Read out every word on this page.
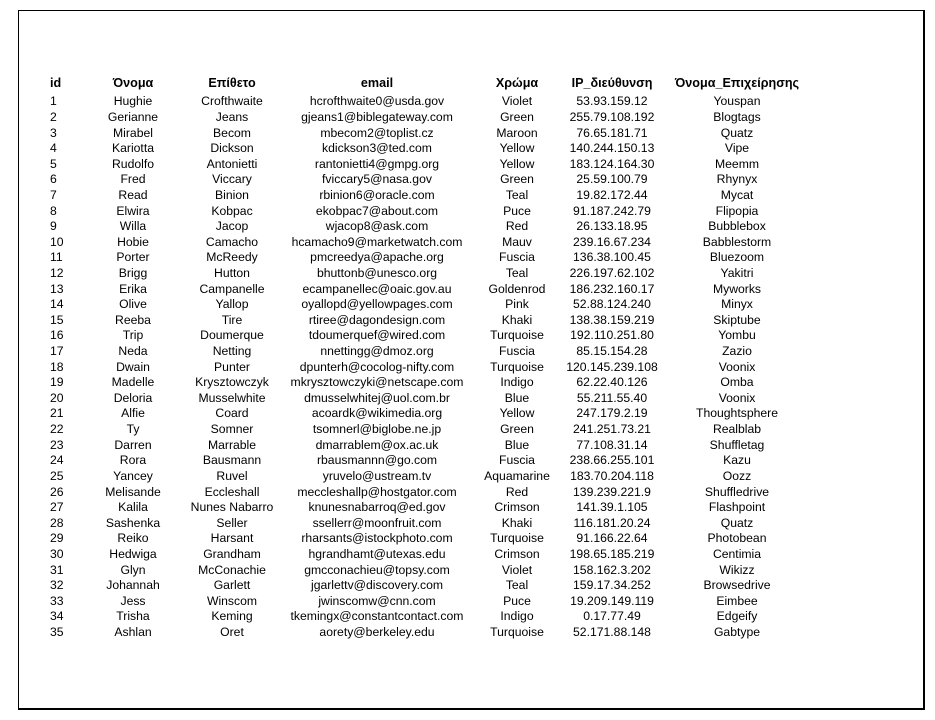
id	Όνομα	Επίθετο	email	Χρώμα	IP_διεύθυνση	Όνομα_Επιχείρησης
1	Hughie	Crofthwaite	hcrofthwaite0@usda.gov	Violet	53.93.159.12	Youspan
2	Gerianne	Jeans	gjeans1@biblegateway.com	Green	255.79.108.192	Blogtags
3	Mirabel	Becom	mbecom2@toplist.cz	Maroon	76.65.181.71	Quatz
4	Kariotta	Dickson	kdickson3@ted.com	Yellow	140.244.150.13	Vipe
5	Rudolfo	Antonietti	rantonietti4@gmpg.org	Yellow	183.124.164.30	Meemm
6	Fred	Viccary	fviccary5@nasa.gov	Green	25.59.100.79	Rhynyx
7	Read	Binion	rbinion6@oracle.com	Teal	19.82.172.44	Mycat
8	Elwira	Kobpac	ekobpac7@about.com	Puce	91.187.242.79	Flipopia
9	Willa	Jacop	wjacop8@ask.com	Red	26.133.18.95	Bubblebox
10	Hobie	Camacho	hcamacho9@marketwatch.com	Mauv	239.16.67.234	Babblestorm
11	Porter	McReedy	pmcreedya@apache.org	Fuscia	136.38.100.45	Bluezoom
12	Brigg	Hutton	bhuttonb@unesco.org	Teal	226.197.62.102	Yakitri
13	Erika	Campanelle	ecampanellec@oaic.gov.au	Goldenrod	186.232.160.17	Myworks
14	Olive	Yallop	oyallopd@yellowpages.com	Pink	52.88.124.240	Minyx
15	Reeba	Tire	rtiree@dagondesign.com	Khaki	138.38.159.219	Skiptube
16	Trip	Doumerque	tdoumerquef@wired.com	Turquoise	192.110.251.80	Yombu
17	Neda	Netting	nnettingg@dmoz.org	Fuscia	85.15.154.28	Zazio
18	Dwain	Punter	dpunterh@cocolog-nifty.com	Turquoise	120.145.239.108	Voonix
19	Madelle	Krysztowczyk	mkrysztowczyki@netscape.com	Indigo	62.22.40.126	Omba
20	Deloria	Musselwhite	dmusselwhitej@uol.com.br	Blue	55.211.55.40	Voonix
21	Alfie	Coard	acoardk@wikimedia.org	Yellow	247.179.2.19	Thoughtsphere
22	Ty	Somner	tsomnerl@biglobe.ne.jp	Green	241.251.73.21	Realblab
23	Darren	Marrable	dmarrablem@ox.ac.uk	Blue	77.108.31.14	Shuffletag
24	Rora	Bausmann	rbausmannn@go.com	Fuscia	238.66.255.101	Kazu
25	Yancey	Ruvel	yruvelo@ustream.tv	Aquamarine	183.70.204.118	Oozz
26	Melisande	Eccleshall	meccleshallp@hostgator.com	Red	139.239.221.9	Shuffledrive
27	Kalila	Nunes Nabarro	knunesnabarroq@ed.gov	Crimson	141.39.1.105	Flashpoint
28	Sashenka	Seller	ssellerr@moonfruit.com	Khaki	116.181.20.24	Quatz
29	Reiko	Harsant	rharsants@istockphoto.com	Turquoise	91.166.22.64	Photobean
30	Hedwiga	Grandham	hgrandhamt@utexas.edu	Crimson	198.65.185.219	Centimia
31	Glyn	McConachie	gmcconachieu@topsy.com	Violet	158.162.3.202	Wikizz
32	Johannah	Garlett	jgarlettv@discovery.com	Teal	159.17.34.252	Browsedrive
33	Jess	Winscom	jwinscomw@cnn.com	Puce	19.209.149.119	Eimbee
34	Trisha	Keming	tkemingx@constantcontact.com	Indigo	0.17.77.49	Edgeify
35	Ashlan	Oret	aorety@berkeley.edu	Turquoise	52.171.88.148	Gabtype
